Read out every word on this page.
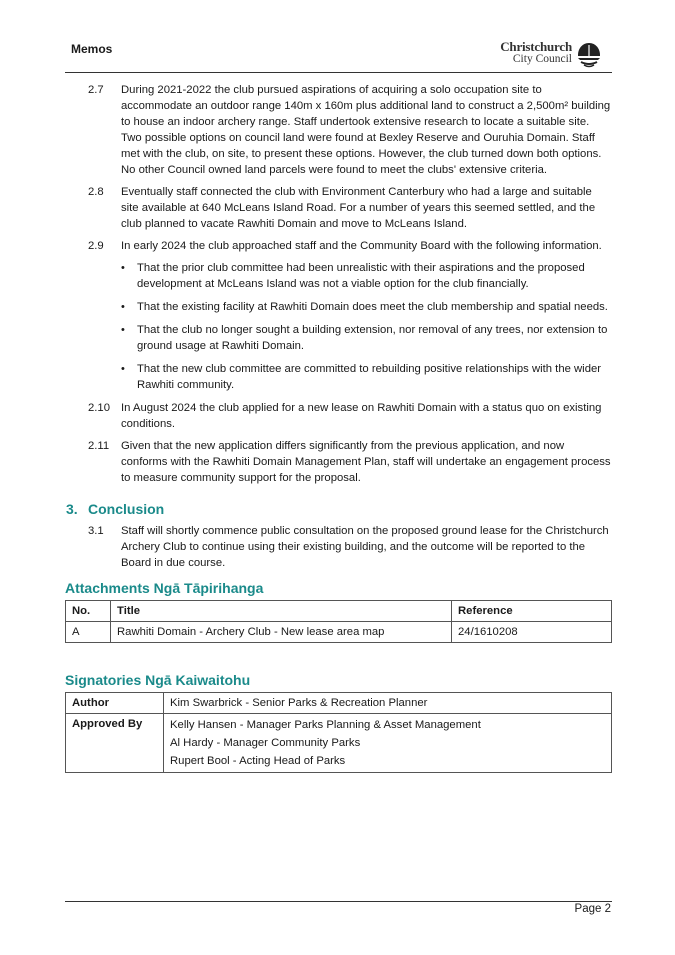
Memos	Christchurch
City Council
2.7 During 2021-2022 the club pursued aspirations of acquiring a solo occupation site to accommodate an outdoor range 140m x 160m plus additional land to construct a 2,500m² building to house an indoor archery range. Staff undertook extensive research to locate a suitable site. Two possible options on council land were found at Bexley Reserve and Ouruhia Domain. Staff met with the club, on site, to present these options. However, the club turned down both options. No other Council owned land parcels were found to meet the clubs' extensive criteria.
2.8 Eventually staff connected the club with Environment Canterbury who had a large and suitable site available at 640 McLeans Island Road. For a number of years this seemed settled, and the club planned to vacate Rawhiti Domain and move to McLeans Island.
2.9 In early 2024 the club approached staff and the Community Board with the following information.
• That the prior club committee had been unrealistic with their aspirations and the proposed development at McLeans Island was not a viable option for the club financially.
• That the existing facility at Rawhiti Domain does meet the club membership and spatial needs.
• That the club no longer sought a building extension, nor removal of any trees, nor extension to ground usage at Rawhiti Domain.
• That the new club committee are committed to rebuilding positive relationships with the wider Rawhiti community.
2.10 In August 2024 the club applied for a new lease on Rawhiti Domain with a status quo on existing conditions.
2.11 Given that the new application differs significantly from the previous application, and now conforms with the Rawhiti Domain Management Plan, staff will undertake an engagement process to measure community support for the proposal.
3. Conclusion
3.1 Staff will shortly commence public consultation on the proposed ground lease for the Christchurch Archery Club to continue using their existing building, and the outcome will be reported to the Board in due course.
Attachments Ngā Tāpirihanga
No.	Title	Reference
A	Rawhiti Domain - Archery Club - New lease area map	24/1610208
Signatories Ngā Kaiwaitohu
Author	Kim Swarbrick - Senior Parks & Recreation Planner
Approved By	Kelly Hansen - Manager Parks Planning & Asset Management
Al Hardy - Manager Community Parks
Rupert Bool - Acting Head of Parks
Page 2
